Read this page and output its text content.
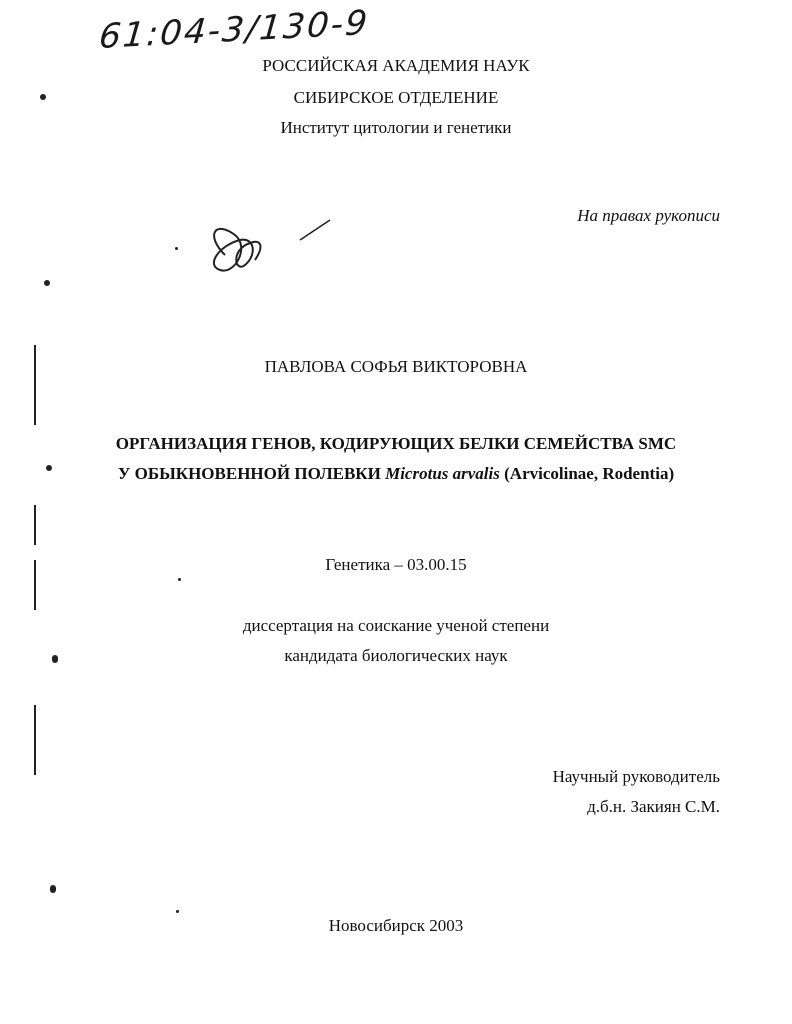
61:04-3/130-9
РОССИЙСКАЯ АКАДЕМИЯ НАУК
СИБИРСКОЕ ОТДЕЛЕНИЕ
Институт цитологии и генетики
На правах рукописи
ПАВЛОВА СОФЬЯ ВИКТОРОВНА
ОРГАНИЗАЦИЯ ГЕНОВ, КОДИРУЮЩИХ БЕЛКИ СЕМЕЙСТВА SMC
У ОБЫКНОВЕННОЙ ПОЛЕВКИ Microtus arvalis (Arvicolinae, Rodentia)
Генетика – 03.00.15
диссертация на соискание ученой степени
кандидата биологических наук
Научный руководитель
д.б.н. Закиян С.М.
Новосибирск 2003
